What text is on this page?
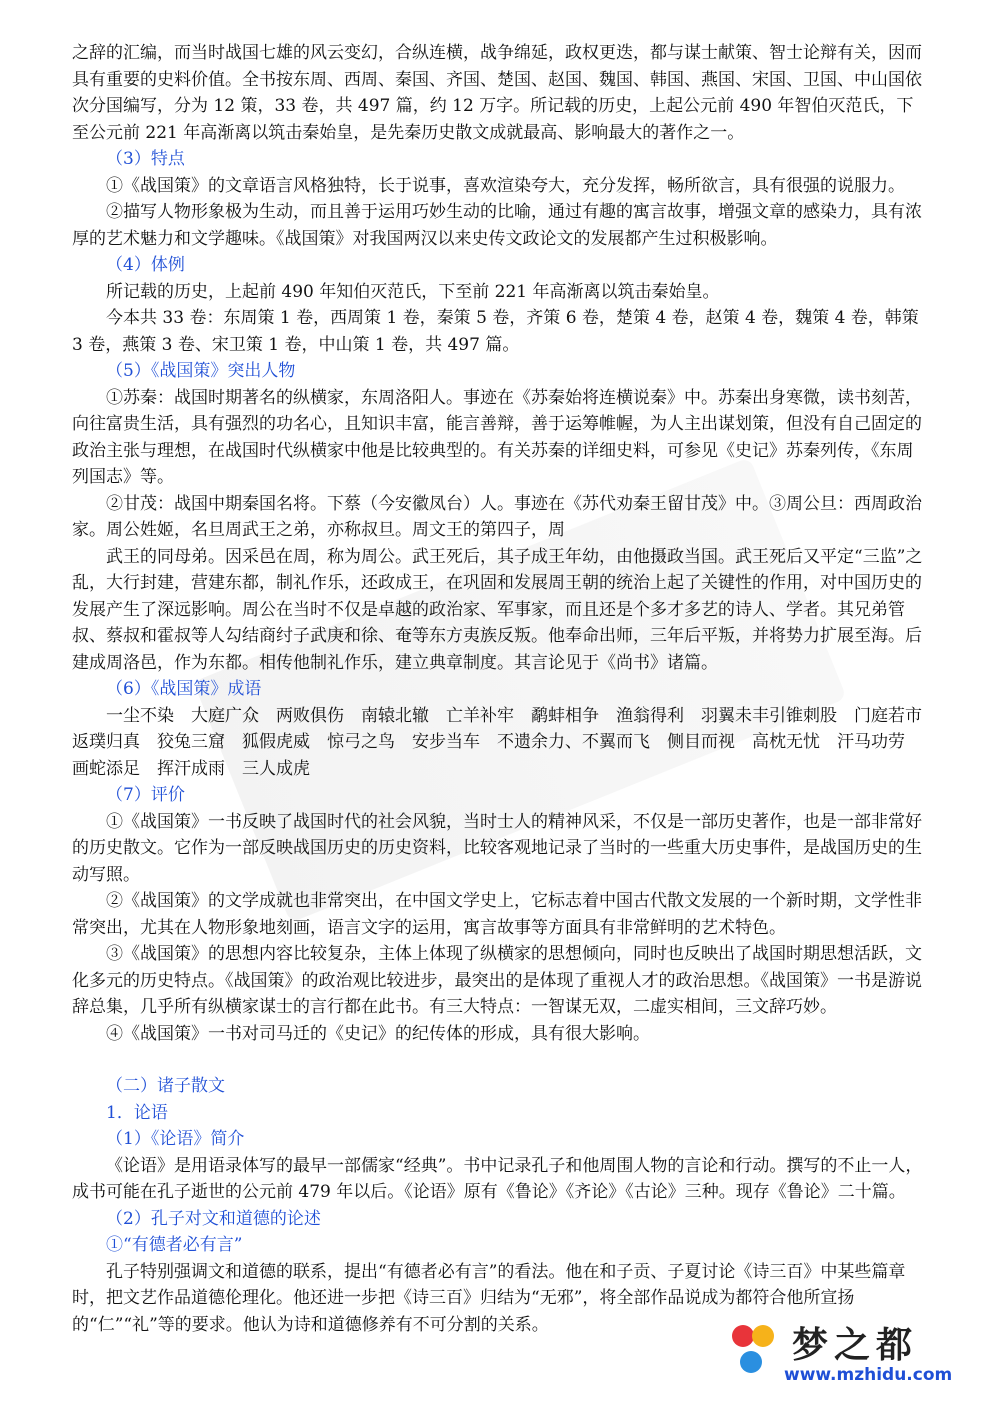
之辞的汇编，而当时战国七雄的风云变幻，合纵连横，战争绵延，政权更迭，都与谋士献策、智士论辩有关，因而具有重要的史料价值。全书按东周、西周、秦国、齐国、楚国、赵国、魏国、韩国、燕国、宋国、卫国、中山国依次分国编写，分为 12 策，33 卷，共 497 篇，约 12 万字。所记载的历史，上起公元前 490 年智伯灭范氏，下至公元前 221 年高渐离以筑击秦始皇，是先秦历史散文成就最高、影响最大的著作之一。

（3）特点

①《战国策》的文章语言风格独特，长于说事，喜欢渲染夸大，充分发挥，畅所欲言，具有很强的说服力。

②描写人物形象极为生动，而且善于运用巧妙生动的比喻，通过有趣的寓言故事，增强文章的感染力，具有浓厚的艺术魅力和文学趣味。《战国策》对我国两汉以来史传文政论文的发展都产生过积极影响。

（4）体例

所记载的历史，上起前 490 年知伯灭范氏，下至前 221 年高渐离以筑击秦始皇。

今本共 33 卷：东周策 1 卷，西周策 1 卷，秦策 5 卷，齐策 6 卷，楚策 4 卷，赵策 4 卷，魏策 4 卷，韩策 3 卷，燕策 3 卷、宋卫策 1 卷，中山策 1 卷，共 497 篇。

（5）《战国策》突出人物

①苏秦：战国时期著名的纵横家，东周洛阳人。事迹在《苏秦始将连横说秦》中。苏秦出身寒微，读书刻苦，向往富贵生活，具有强烈的功名心，且知识丰富，能言善辩，善于运筹帷幄，为人主出谋划策，但没有自己固定的政治主张与理想，在战国时代纵横家中他是比较典型的。有关苏秦的详细史料，可参见《史记》苏秦列传，《东周列国志》等。

②甘茂：战国中期秦国名将。下蔡（今安徽凤台）人。事迹在《苏代劝秦王留甘茂》中。③周公旦：西周政治家。周公姓姬，名旦周武王之弟，亦称叔旦。周文王的第四子，周

武王的同母弟。因采邑在周，称为周公。武王死后，其子成王年幼，由他摄政当国。武王死后又平定“三监”之乱，大行封建，营建东都，制礼作乐，还政成王，在巩固和发展周王朝的统治上起了关键性的作用，对中国历史的发展产生了深远影响。周公在当时不仅是卓越的政治家、军事家，而且还是个多才多艺的诗人、学者。其兄弟管叔、蔡叔和霍叔等人勾结商纣子武庚和徐、奄等东方夷族反叛。他奉命出师，三年后平叛，并将势力扩展至海。后建成周洛邑，作为东都。相传他制礼作乐，建立典章制度。其言论见于《尚书》诸篇。

（6）《战国策》成语

一尘不染　大庭广众　两败俱伤　南辕北辙　亡羊补牢　鹬蚌相争　渔翁得利　羽翼未丰引锥刺股　门庭若市　返璞归真　狡兔三窟　狐假虎威　惊弓之鸟　安步当车　不遗余力、不翼而飞　侧目而视　高枕无忧　汗马功劳　画蛇添足　挥汗成雨　三人成虎

（7）评价

①《战国策》一书反映了战国时代的社会风貌，当时士人的精神风采，不仅是一部历史著作，也是一部非常好的历史散文。它作为一部反映战国历史的历史资料，比较客观地记录了当时的一些重大历史事件，是战国历史的生动写照。

②《战国策》的文学成就也非常突出，在中国文学史上，它标志着中国古代散文发展的一个新时期，文学性非常突出，尤其在人物形象地刻画，语言文字的运用，寓言故事等方面具有非常鲜明的艺术特色。

③《战国策》的思想内容比较复杂，主体上体现了纵横家的思想倾向，同时也反映出了战国时期思想活跃，文化多元的历史特点。《战国策》的政治观比较进步，最突出的是体现了重视人才的政治思想。《战国策》一书是游说辞总集，几乎所有纵横家谋士的言行都在此书。有三大特点：一智谋无双，二虚实相间，三文辞巧妙。

④《战国策》一书对司马迁的《史记》的纪传体的形成，具有很大影响。

（二）诸子散文

1．论语

（1）《论语》简介

《论语》是用语录体写的最早一部儒家“经典”。书中记录孔子和他周围人物的言论和行动。撰写的不止一人，成书可能在孔子逝世的公元前 479 年以后。《论语》原有《鲁论》《齐论》《古论》三种。现存《鲁论》二十篇。

（2）孔子对文和道德的论述

①“有德者必有言”

孔子特别强调文和道德的联系，提出“有德者必有言”的看法。他在和子贡、子夏讨论《诗三百》中某些篇章时，把文艺作品道德伦理化。他还进一步把《诗三百》归结为“无邪”，将全部作品说成为都符合他所宣扬的“仁”“礼”等的要求。他认为诗和道德修养有不可分割的关系。

梦之都
www.mzhidu.com
